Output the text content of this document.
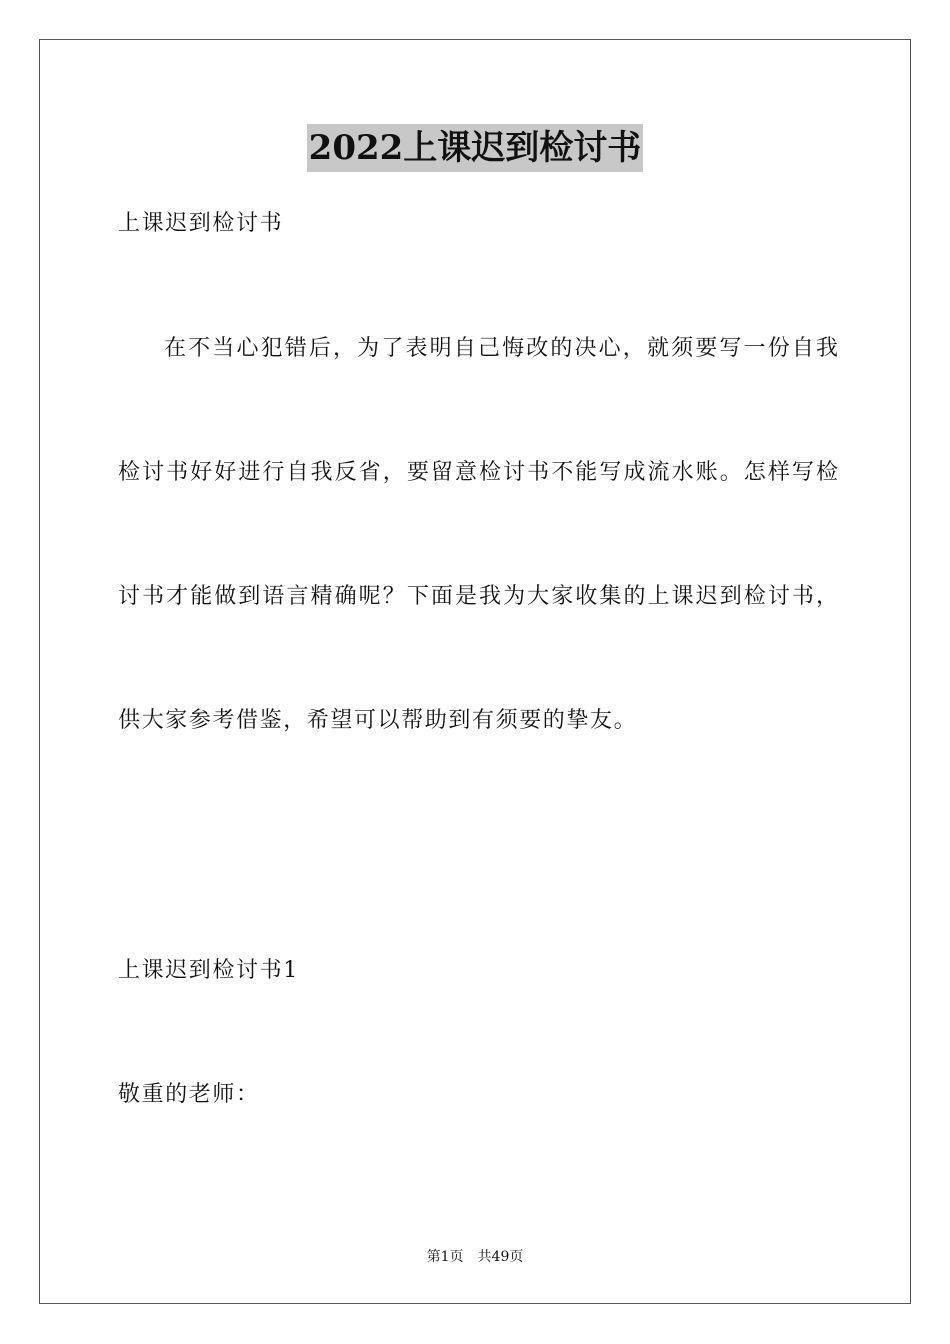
2022上课迟到检讨书
上课迟到检讨书
在不当心犯错后，为了表明自己悔改的决心，就须要写一份自我
检讨书好好进行自我反省，要留意检讨书不能写成流水账。怎样写检
讨书才能做到语言精确呢？下面是我为大家收集的上课迟到检讨书，
供大家参考借鉴，希望可以帮助到有须要的挚友。
上课迟到检讨书1
敬重的老师：
第1页 共49页
